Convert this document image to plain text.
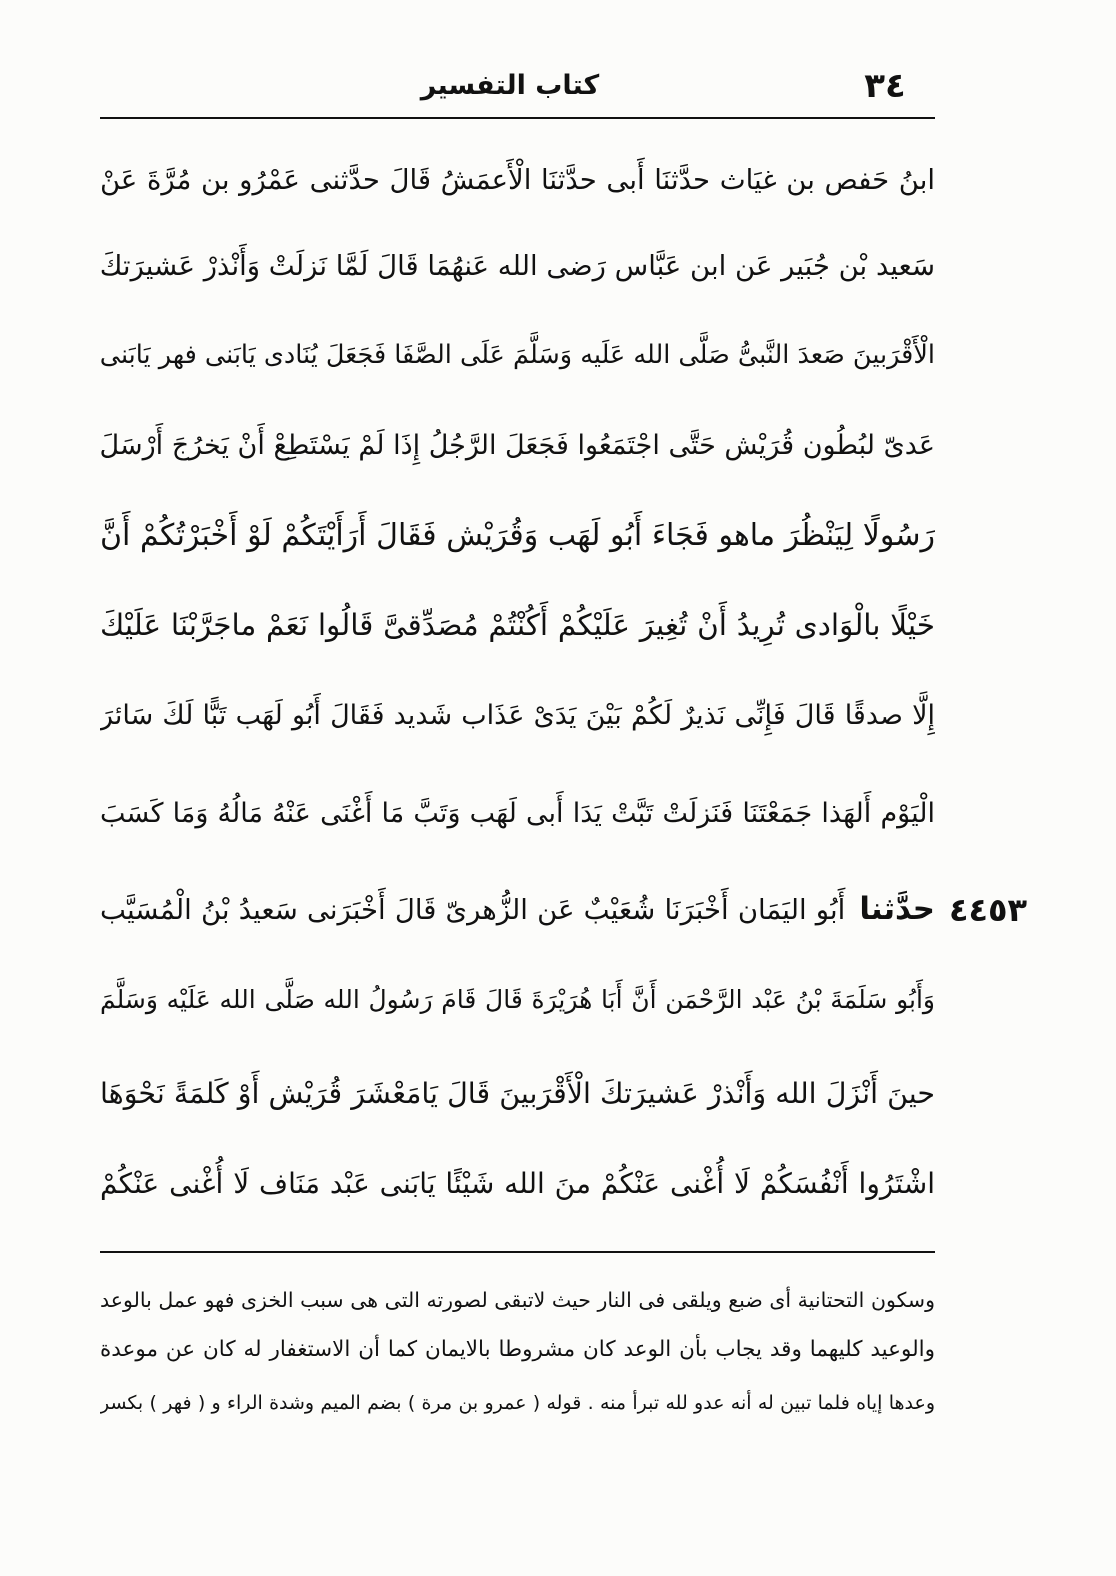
٣٤
كتاب التفسير
ابنُ حَفص بن غيَاث حدَّثنَا أَبى حدَّثنَا الْأَعمَشُ قَالَ حدَّثنى عَمْرُو بن مُرَّةَ عَنْ
سَعيد بْن جُبَير عَن ابن عَبَّاس رَضى الله عَنهُمَا قَالَ لَمَّا نَزلَتْ وَأَنْذرْ عَشيرَتكَ
الْأَقْرَبينَ صَعدَ النَّبىُّ صَلَّى الله عَلَيه وَسَلَّمَ عَلَى الصَّفَا فَجَعَلَ يُنَادى يَابَنى فهر يَابَنى
عَدىّ لبُطُون قُرَيْش حَتَّى اجْتَمَعُوا فَجَعَلَ الرَّجُلُ إِذَا لَمْ يَسْتَطِعْ أَنْ يَخرُجَ أَرْسَلَ
رَسُولًا لِيَنْظُرَ ماهو فَجَاءَ أَبُو لَهَب وَقُرَيْش فَقَالَ أَرَأَيْتَكُمْ لَوْ أَخْبَرْتُكُمْ أَنَّ
خَيْلًا بالْوَادى تُرِيدُ أَنْ تُغِيرَ عَلَيْكُمْ أَكُنْتُمْ مُصَدِّقىَّ قَالُوا نَعَمْ ماجَرَّبْنَا عَلَيْكَ
إِلَّا صدقًا قَالَ فَإِنِّى نَذيرٌ لَكُمْ بَيْنَ يَدَىْ عَذَاب شَديد فَقَالَ أَبُو لَهَب تَبًّا لَكَ سَائرَ
الْيَوْم أَلهَذا جَمَعْتَنَا فَنَزلَتْ تَبَّتْ يَدَا أَبى لَهَب وَتَبَّ مَا أَغْنَى عَنْهُ مَالُهُ وَمَا كَسَبَ
٤٤٥٣
حدَّثناأَبُو اليَمَان أَخْبَرَنَا شُعَيْبٌ عَن الزُّهرىّ قَالَ أَخْبَرَنى سَعيدُ بْنُ الْمُسَيَّب
وَأَبُو سَلَمَةَ بْنُ عَبْد الرَّحْمَن أَنَّ أَبَا هُرَيْرَةَ قَالَ قَامَ رَسُولُ الله صَلَّى الله عَلَيْه وَسَلَّمَ
حينَ أَنْزَلَ الله وَأَنْذرْ عَشيرَتكَ الْأَقْرَبينَ قَالَ يَامَعْشَرَ قُرَيْش أَوْ كَلمَةً نَحْوَهَا
اشْتَرُوا أَنْفُسَكُمْ لَا أُغْنى عَنْكُمْ منَ الله شَيْئًا يَابَنى عَبْد مَنَاف لَا أُغْنى عَنْكُمْ
وسكون التحتانية أى ضبع ويلقى فى النار حيث لاتبقى لصورته التى هى سبب الخزى فهو عمل بالوعد
والوعيد كليهما وقد يجاب بأن الوعد كان مشروطا بالايمان كما أن الاستغفار له كان عن موعدة
وعدها إياه فلما تبين له أنه عدو لله تبرأ منه . قوله ( عمرو بن مرة ) بضم الميم وشدة الراء و ( فهر ) بكسر
